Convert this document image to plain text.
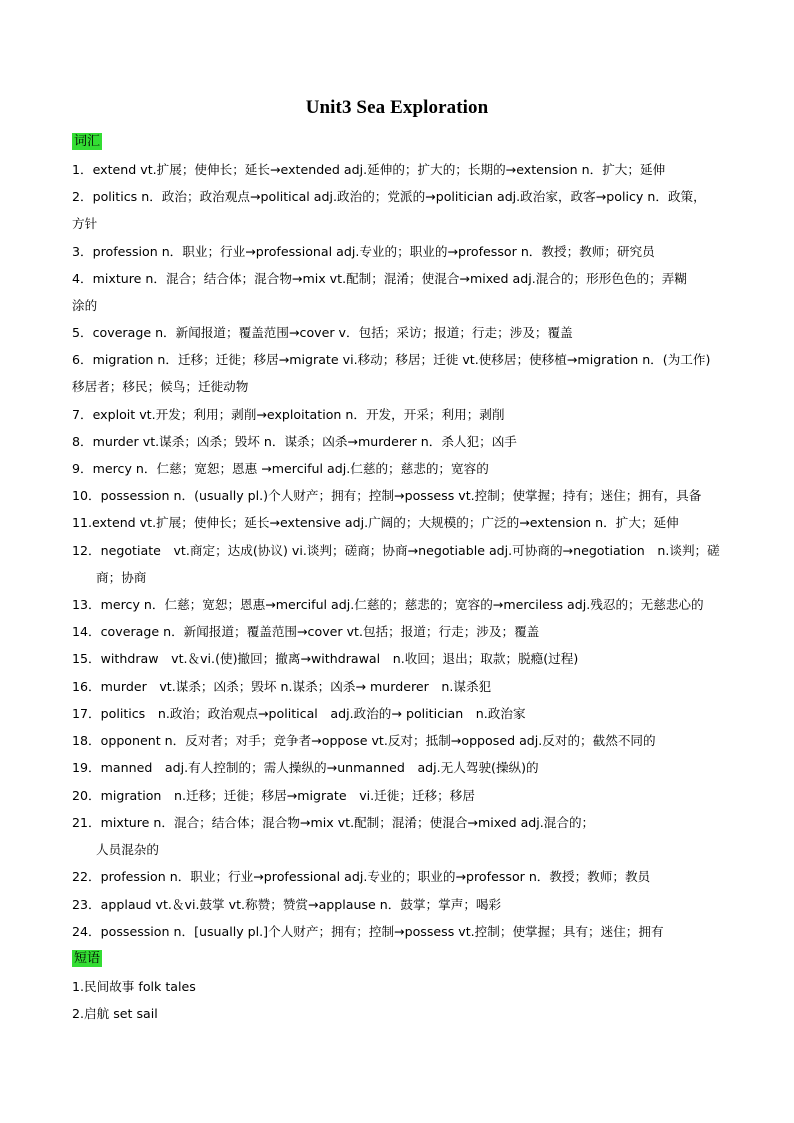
Unit3 Sea Exploration
词汇
1．extend vt.扩展；使伸长；延长→extended adj.延伸的；扩大的；长期的→extension n．扩大；延伸
2．politics n．政治；政治观点→political adj.政治的；党派的→politician adj.政治家，政客→policy n．政策，
方针
3．profession n．职业；行业→professional adj.专业的；职业的→professor n．教授；教师；研究员
4．mixture n．混合；结合体；混合物→mix vt.配制；混淆；使混合→mixed adj.混合的；形形色色的；弄糊
涂的
5．coverage n．新闻报道；覆盖范围→cover v．包括；采访；报道；行走；涉及；覆盖
6．migration n．迁移；迁徙；移居→migrate vi.移动；移居；迁徙 vt.使移居；使移植→migration n．(为工作)
移居者；移民；候鸟；迁徙动物
7．exploit vt.开发；利用；剥削→exploitation n．开发，开采；利用；剥削
8．murder vt.谋杀；凶杀；毁坏 n．谋杀；凶杀→murderer n．杀人犯；凶手
9．mercy n．仁慈；宽恕；恩惠 →merciful adj.仁慈的；慈悲的；宽容的
10．possession n．(usually pl.)个人财产；拥有；控制→possess vt.控制；使掌握；持有；迷住；拥有，具备
11.extend vt.扩展；使伸长；延长→extensive adj.广阔的；大规模的；广泛的→extension n．扩大；延伸
12．negotiate　vt.商定；达成(协议) vi.谈判；磋商；协商→negotiable adj.可协商的→negotiation　n.谈判；磋
商；协商
13．mercy n．仁慈；宽恕；恩惠→merciful adj.仁慈的；慈悲的；宽容的→merciless adj.残忍的；无慈悲心的
14．coverage n．新闻报道；覆盖范围→cover vt.包括；报道；行走；涉及；覆盖
15．withdraw　vt.＆vi.(使)撤回；撤离→withdrawal　n.收回；退出；取款；脱瘾(过程)
16．murder　vt.谋杀；凶杀；毁坏 n.谋杀；凶杀→ murderer　n.谋杀犯
17．politics　n.政治；政治观点→political　adj.政治的→ politician　n.政治家
18．opponent n．反对者；对手；竞争者→oppose vt.反对；抵制→opposed adj.反对的；截然不同的
19．manned　adj.有人控制的；需人操纵的→unmanned　adj.无人驾驶(操纵)的
20．migration　n.迁移；迁徙；移居→migrate　vi.迁徙；迁移；移居
21．mixture n．混合；结合体；混合物→mix vt.配制；混淆；使混合→mixed adj.混合的；
人员混杂的
22．profession n．职业；行业→professional adj.专业的；职业的→professor n．教授；教师；教员
23．applaud vt.＆vi.鼓掌 vt.称赞；赞赏→applause n．鼓掌；掌声；喝彩
24．possession n．[usually pl.]个人财产；拥有；控制→possess vt.控制；使掌握；具有；迷住；拥有
短语
1.民间故事 folk tales
2.启航 set sail
